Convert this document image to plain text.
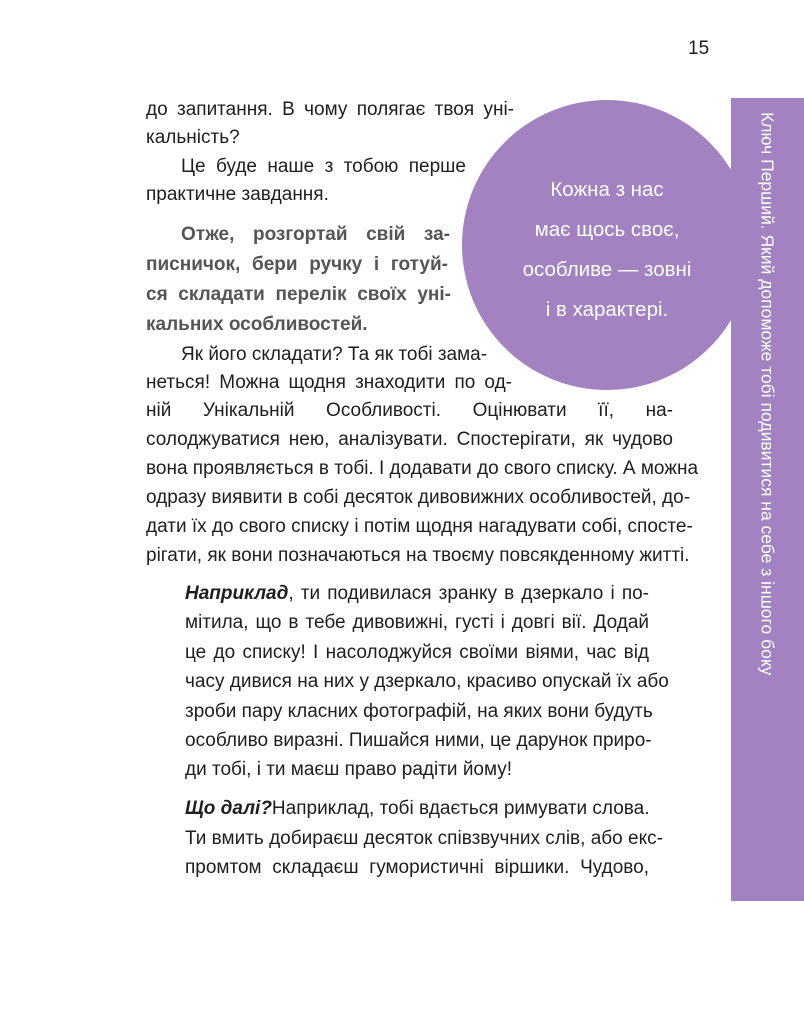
15
Ключ Перший. Який допоможе тобі подивитися на себе з іншого боку
Кожна з нас
має щось своє,
особливе — зовні
і в характері.
до запитання. В чому полягає твоя уні-
кальність?
Це буде наше з тобою перше
практичне завдання.
Отже, розгортай свій за-
писничок, бери ручку і готуй-
ся складати перелік своїх уні-
кальних особливостей.
Як його складати? Та як тобі зама-
неться! Можна щодня знаходити по од-
ній Унікальній Особливості. Оцінювати її, на-
солоджуватися нею, аналізувати. Спостерігати, як чудово
вона проявляється в тобі. І додавати до свого списку. А можна
одразу виявити в собі десяток дивовижних особливостей, до-
дати їх до свого списку і потім щодня нагадувати собі, спосте-
рігати, як вони позначаються на твоєму повсякденному житті.
Наприклад , ти подивилася зранку в дзеркало і по-
мітила, що в тебе дивовижні, густі і довгі вії. Додай
це до списку! І насолоджуйся своїми віями, час від
часу дивися на них у дзеркало, красиво опускай їх або
зроби пару класних фотографій, на яких вони будуть
особливо виразні. Пишайся ними, це дарунок приро-
ди тобі, і ти маєш право радіти йому!
Що далі? Наприклад, тобі вдається римувати слова.
Ти вмить добираєш десяток співзвучних слів, або екс-
промтом складаєш гумористичні віршики. Чудово,
